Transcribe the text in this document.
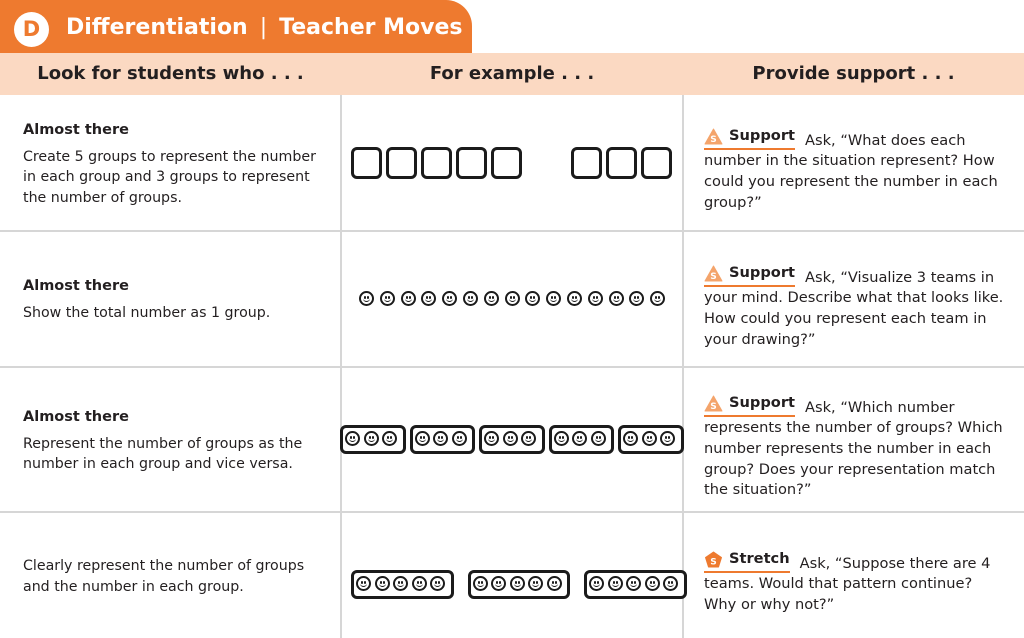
D	Differentiation | Teacher Moves
Look for students who . . .	For example . . .	Provide support . . .
Almost there
Create 5 groups to represent the number in each group and 3 groups to represent the number of groups.
S Support Ask, “What does each number in the situation represent? How could you represent the number in each group?”
Almost there
Show the total number as 1 group.
S Support Ask, “Visualize 3 teams in your mind. Describe what that looks like. How could you represent each team in your drawing?”
Almost there
Represent the number of groups as the number in each group and vice versa.
S Support Ask, “Which number represents the number of groups? Which number represents the number in each group? Does your representation match the situation?”
Clearly represent the number of groups and the number in each group.
S Stretch Ask, “Suppose there are 4 teams. Would that pattern continue? Why or why not?”
